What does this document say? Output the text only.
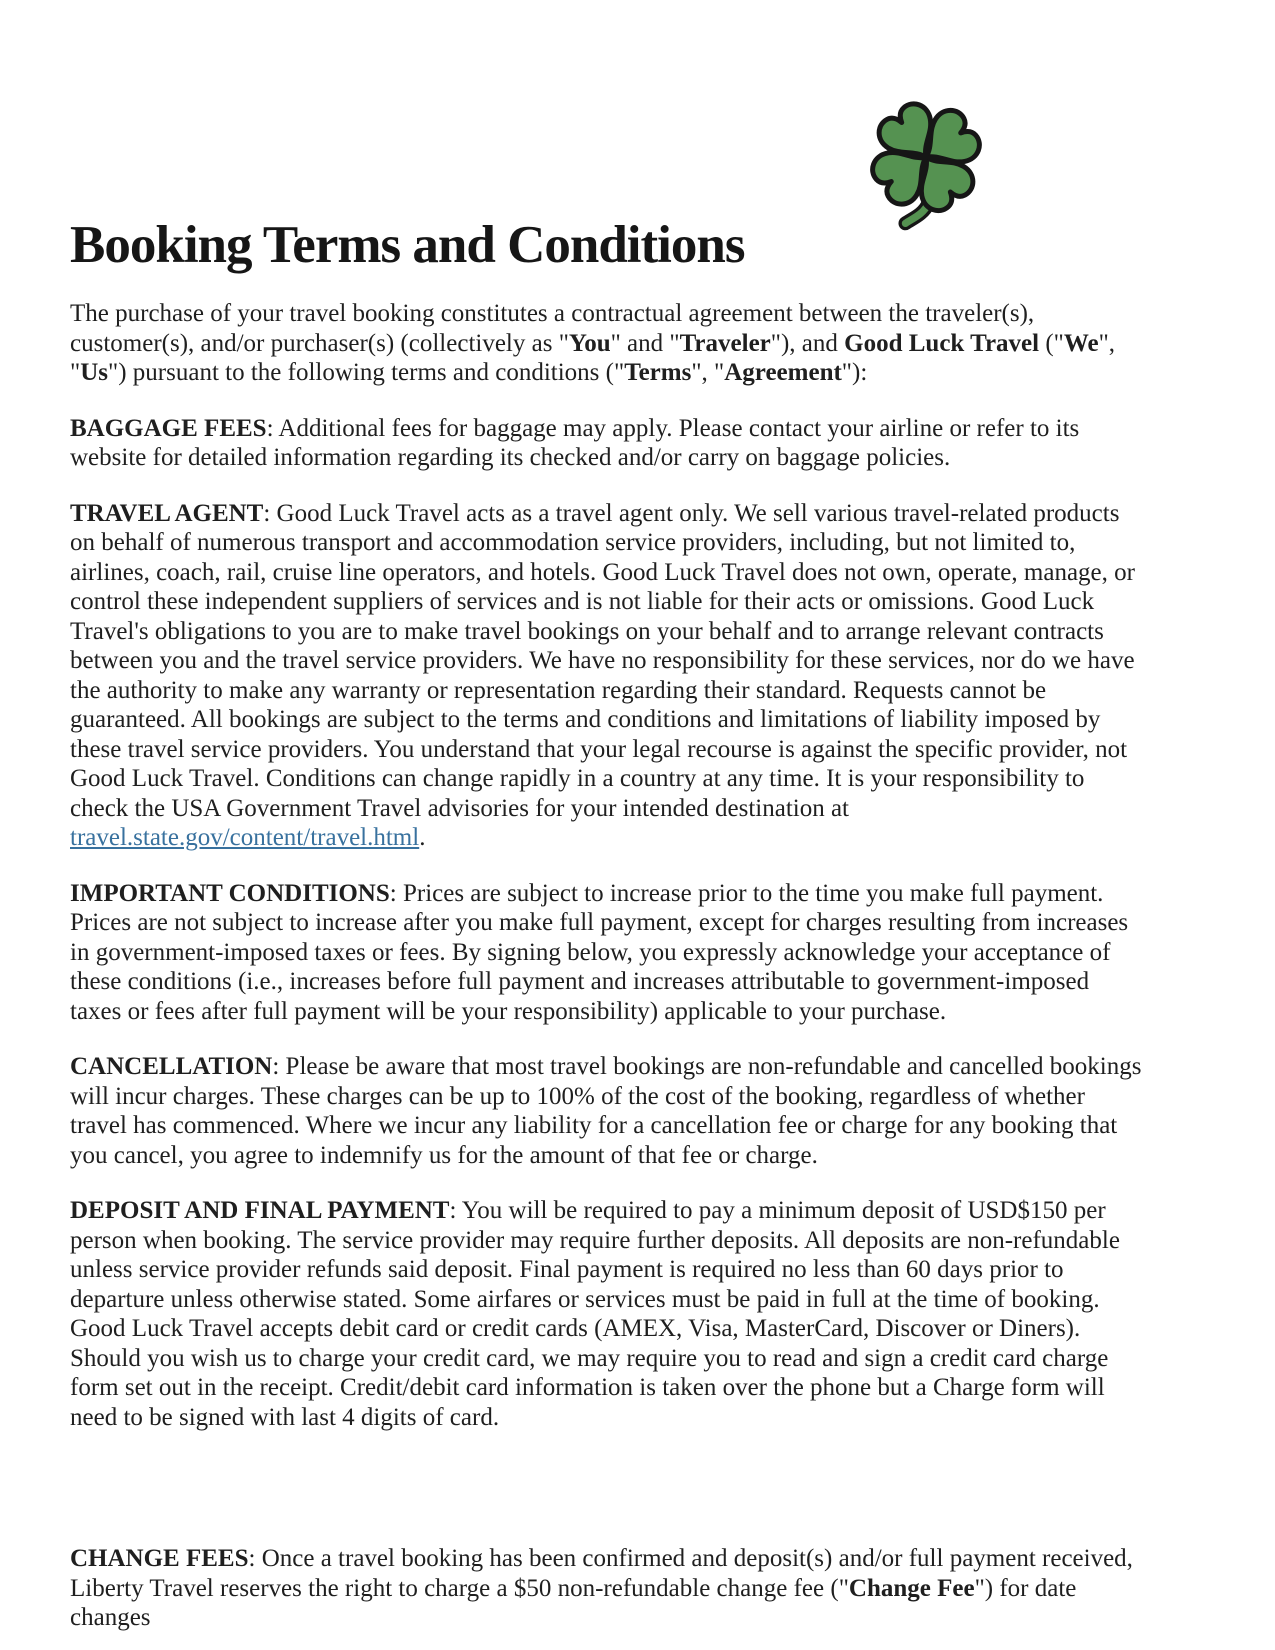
Booking Terms and Conditions

The purchase of your travel booking constitutes a contractual agreement between the traveler(s), customer(s), and/or purchaser(s) (collectively as "You" and "Traveler"), and Good Luck Travel ("We", "Us") pursuant to the following terms and conditions ("Terms", "Agreement"):

BAGGAGE FEES: Additional fees for baggage may apply. Please contact your airline or refer to its website for detailed information regarding its checked and/or carry on baggage policies.

TRAVEL AGENT: Good Luck Travel acts as a travel agent only. We sell various travel-related products on behalf of numerous transport and accommodation service providers, including, but not limited to, airlines, coach, rail, cruise line operators, and hotels. Good Luck Travel does not own, operate, manage, or control these independent suppliers of services and is not liable for their acts or omissions. Good Luck Travel's obligations to you are to make travel bookings on your behalf and to arrange relevant contracts between you and the travel service providers. We have no responsibility for these services, nor do we have the authority to make any warranty or representation regarding their standard. Requests cannot be guaranteed. All bookings are subject to the terms and conditions and limitations of liability imposed by these travel service providers. You understand that your legal recourse is against the specific provider, not Good Luck Travel. Conditions can change rapidly in a country at any time. It is your responsibility to check the USA Government Travel advisories for your intended destination at travel.state.gov/content/travel.html.

IMPORTANT CONDITIONS: Prices are subject to increase prior to the time you make full payment. Prices are not subject to increase after you make full payment, except for charges resulting from increases in government-imposed taxes or fees. By signing below, you expressly acknowledge your acceptance of these conditions (i.e., increases before full payment and increases attributable to government-imposed taxes or fees after full payment will be your responsibility) applicable to your purchase.

CANCELLATION: Please be aware that most travel bookings are non-refundable and cancelled bookings will incur charges. These charges can be up to 100% of the cost of the booking, regardless of whether travel has commenced. Where we incur any liability for a cancellation fee or charge for any booking that you cancel, you agree to indemnify us for the amount of that fee or charge.

DEPOSIT AND FINAL PAYMENT: You will be required to pay a minimum deposit of USD$150 per person when booking. The service provider may require further deposits. All deposits are non-refundable unless service provider refunds said deposit. Final payment is required no less than 60 days prior to departure unless otherwise stated. Some airfares or services must be paid in full at the time of booking. Good Luck Travel accepts debit card or credit cards (AMEX, Visa, MasterCard, Discover or Diners). Should you wish us to charge your credit card, we may require you to read and sign a credit card charge form set out in the receipt. Credit/debit card information is taken over the phone but a Charge form will need to be signed with last 4 digits of card.

CHANGE FEES: Once a travel booking has been confirmed and deposit(s) and/or full payment received, Liberty Travel reserves the right to charge a $50 non-refundable change fee ("Change Fee") for date changes
